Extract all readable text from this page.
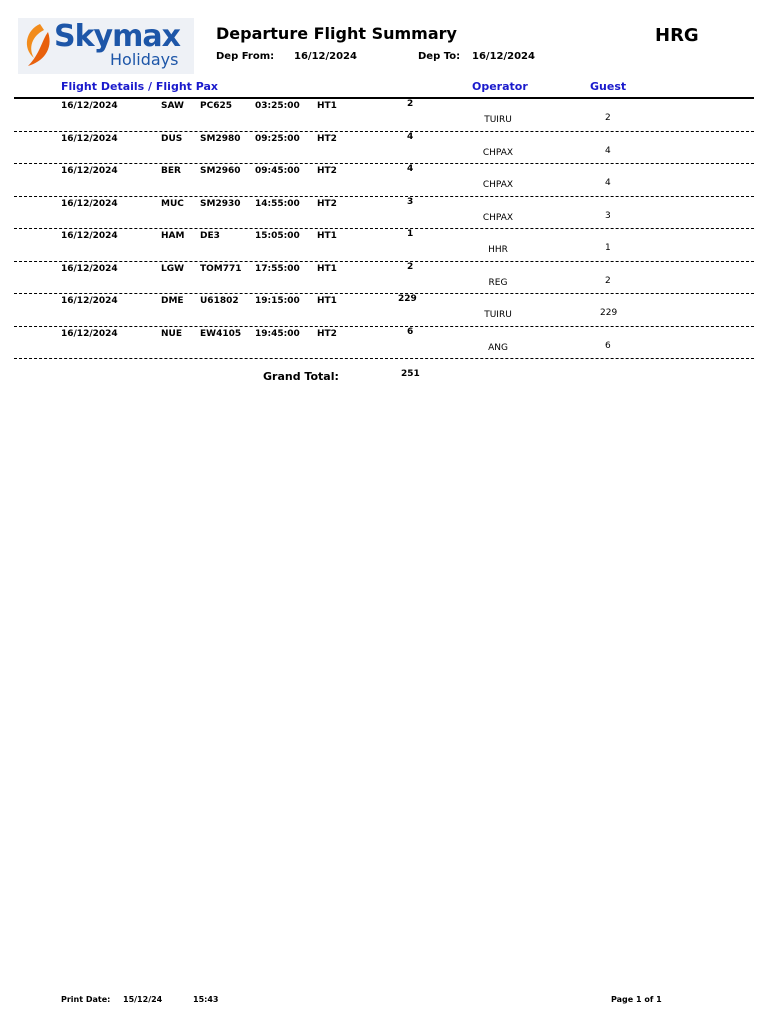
Skymax
Holidays
Departure Flight Summary	HRG
Dep From: 16/12/2024	Dep To: 16/12/2024
Flight Details / Flight Pax	Operator	Guest
16/12/2024	SAW PC625	03:25:00 HT1	2
TUIRU	2
16/12/2024	DUS SM2980 09:25:00 HT2	4
CHPAX	4
16/12/2024	BER SM2960 09:45:00 HT2	4
CHPAX	4
16/12/2024	MUC SM2930 14:55:00 HT2	3
CHPAX	3
16/12/2024	HAM DE3	15:05:00 HT1	1
HHR	1
16/12/2024	LGW TOM771 17:55:00 HT1	2
REG	2
16/12/2024	DME U61802 19:15:00 HT1	229
TUIRU	229
16/12/2024	NUE EW4105 19:45:00 HT2	6
ANG	6
Grand Total:	251
Print Date: 15/12/24	15:43	Page 1 of 1
